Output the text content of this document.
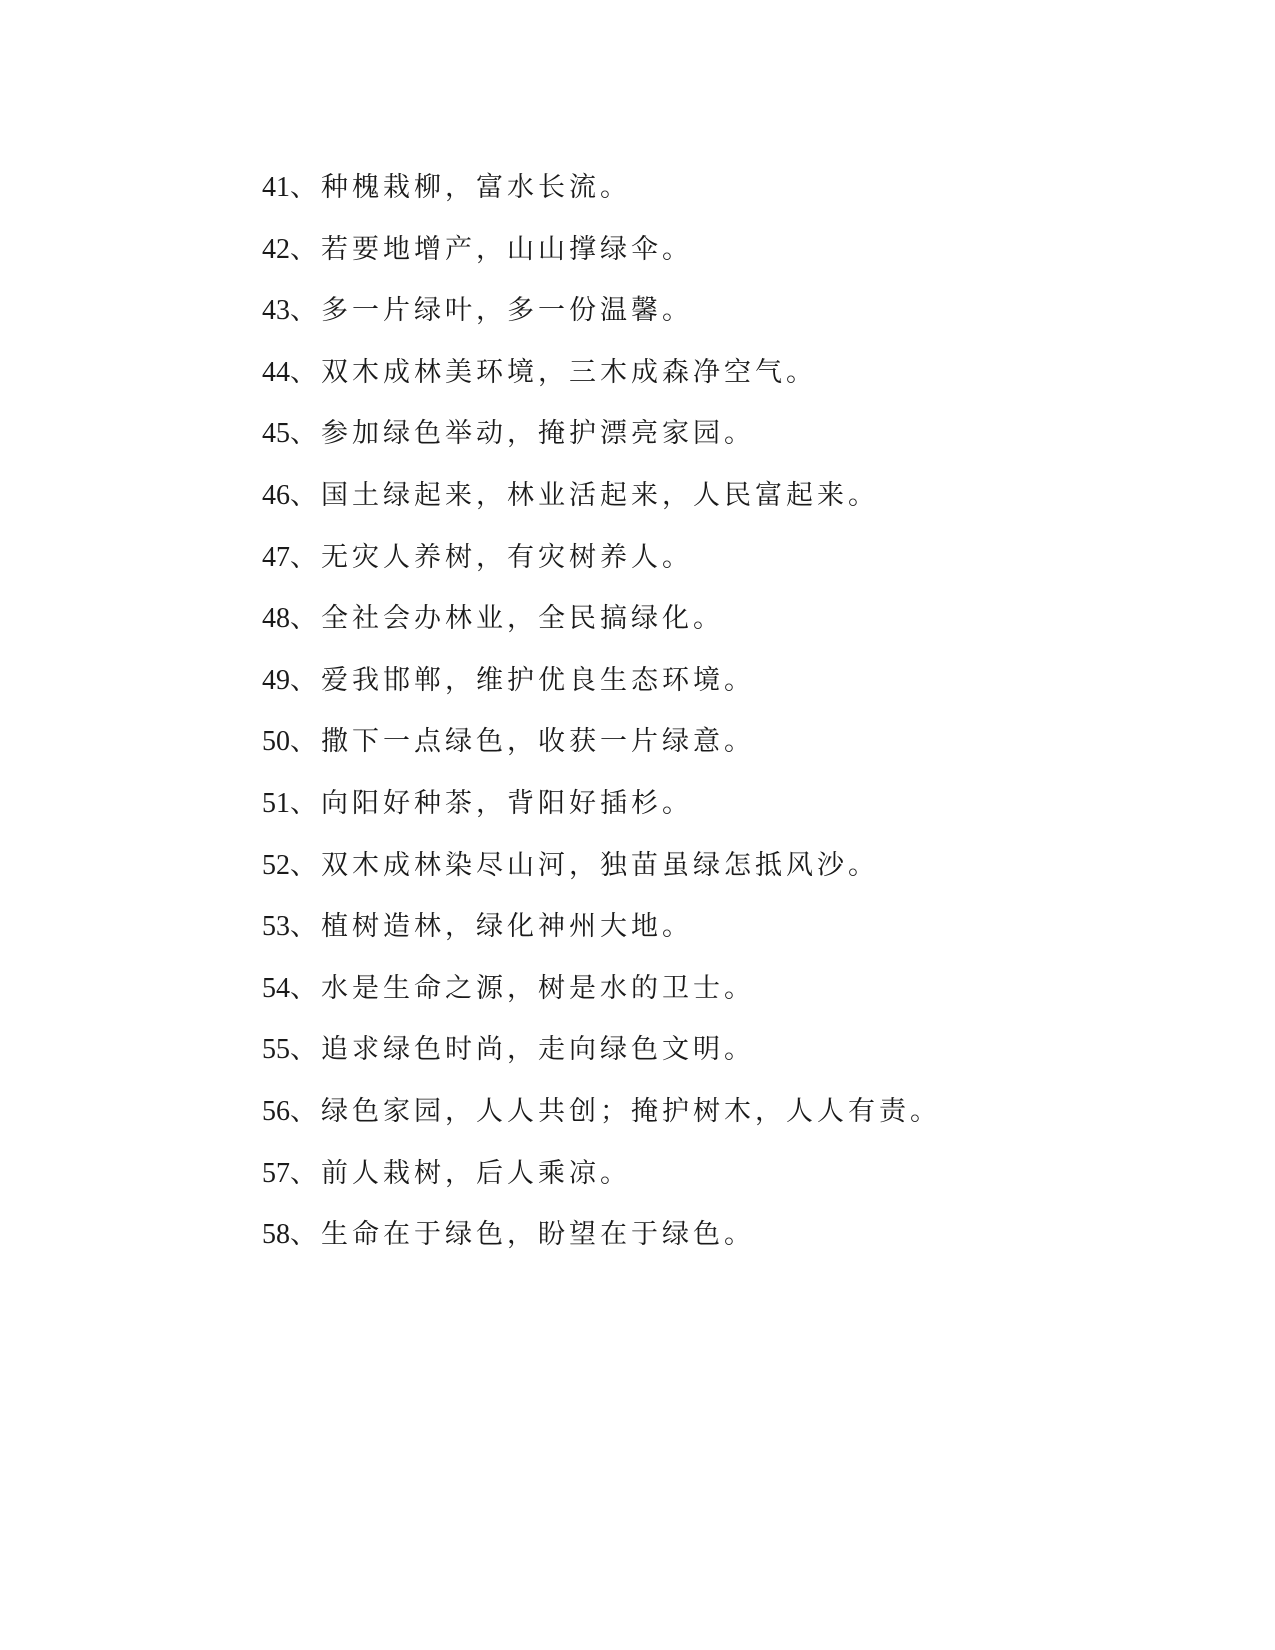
41、种槐栽柳，富水长流。
42、若要地增产，山山撑绿伞。
43、多一片绿叶，多一份温馨。
44、双木成林美环境，三木成森净空气。
45、参加绿色举动，掩护漂亮家园。
46、国土绿起来，林业活起来，人民富起来。
47、无灾人养树，有灾树养人。
48、全社会办林业，全民搞绿化。
49、爱我邯郸，维护优良生态环境。
50、撒下一点绿色，收获一片绿意。
51、向阳好种茶，背阳好插杉。
52、双木成林染尽山河，独苗虽绿怎抵风沙。
53、植树造林，绿化神州大地。
54、水是生命之源，树是水的卫士。
55、追求绿色时尚，走向绿色文明。
56、绿色家园，人人共创；掩护树木，人人有责。
57、前人栽树，后人乘凉。
58、生命在于绿色，盼望在于绿色。
